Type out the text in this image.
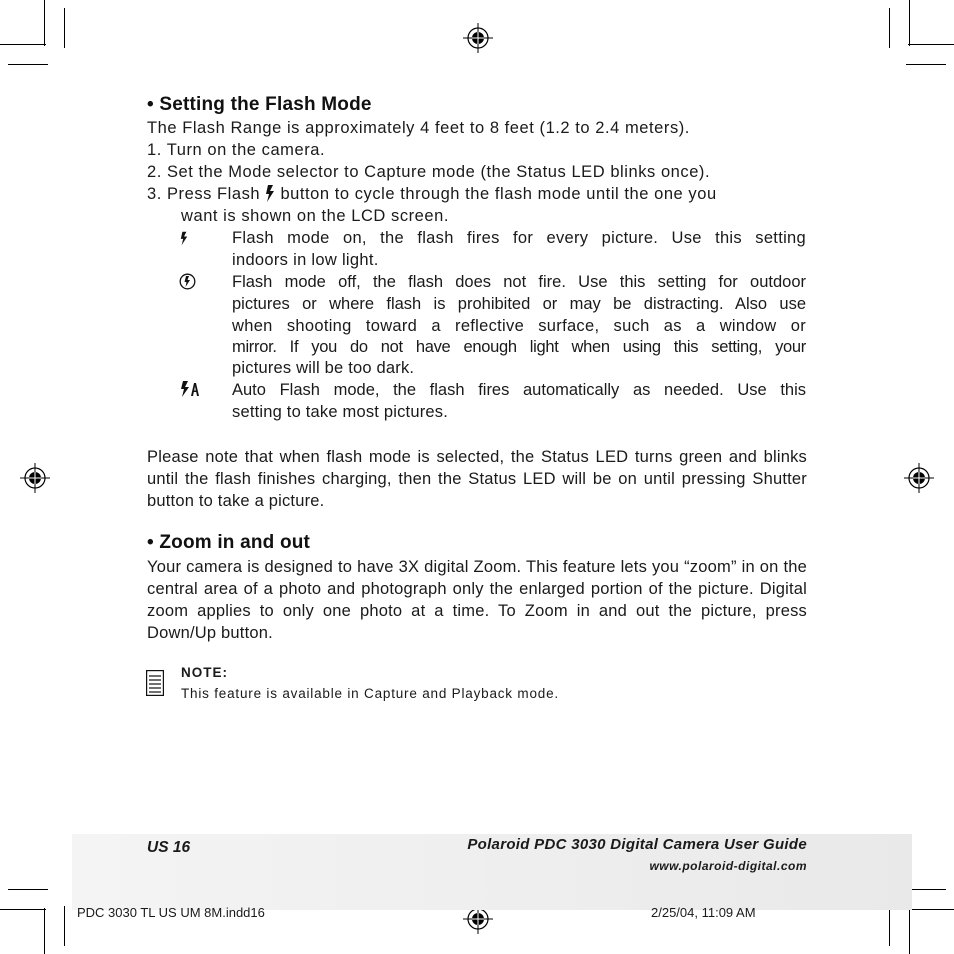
• Setting the Flash Mode
The Flash Range is approximately 4 feet to 8 feet (1.2 to 2.4 meters).
1. Turn on the camera.
2. Set the Mode selector to Capture mode (the Status LED blinks once).
3. Press Flash button to cycle through the flash mode until the one you
want is shown on the LCD screen.
Flash mode on, the flash fires for every picture. Use this setting
indoors in low light.
Flash mode off, the flash does not fire. Use this setting for outdoor
pictures or where flash is prohibited or may be distracting. Also use
when shooting toward a reflective surface, such as a window or
mirror. If you do not have enough light when using this setting, your
pictures will be too dark.
Auto Flash mode, the flash fires automatically as needed. Use this
setting to take most pictures.
Please note that when flash mode is selected, the Status LED turns green and blinks until the flash finishes charging, then the Status LED will be on until pressing Shutter button to take a picture.
• Zoom in and out
Your camera is designed to have 3X digital Zoom. This feature lets you “zoom” in on the central area of a photo and photograph only the enlarged portion of the picture. Digital zoom applies to only one photo at a time. To Zoom in and out the picture, press Down/Up button.
NOTE:
This feature is available in Capture and Playback mode.
US 16	Polaroid PDC 3030 Digital Camera User Guide
www.polaroid-digital.com
PDC 3030 TL US UM 8M.indd16	2/25/04, 11:09 AM
